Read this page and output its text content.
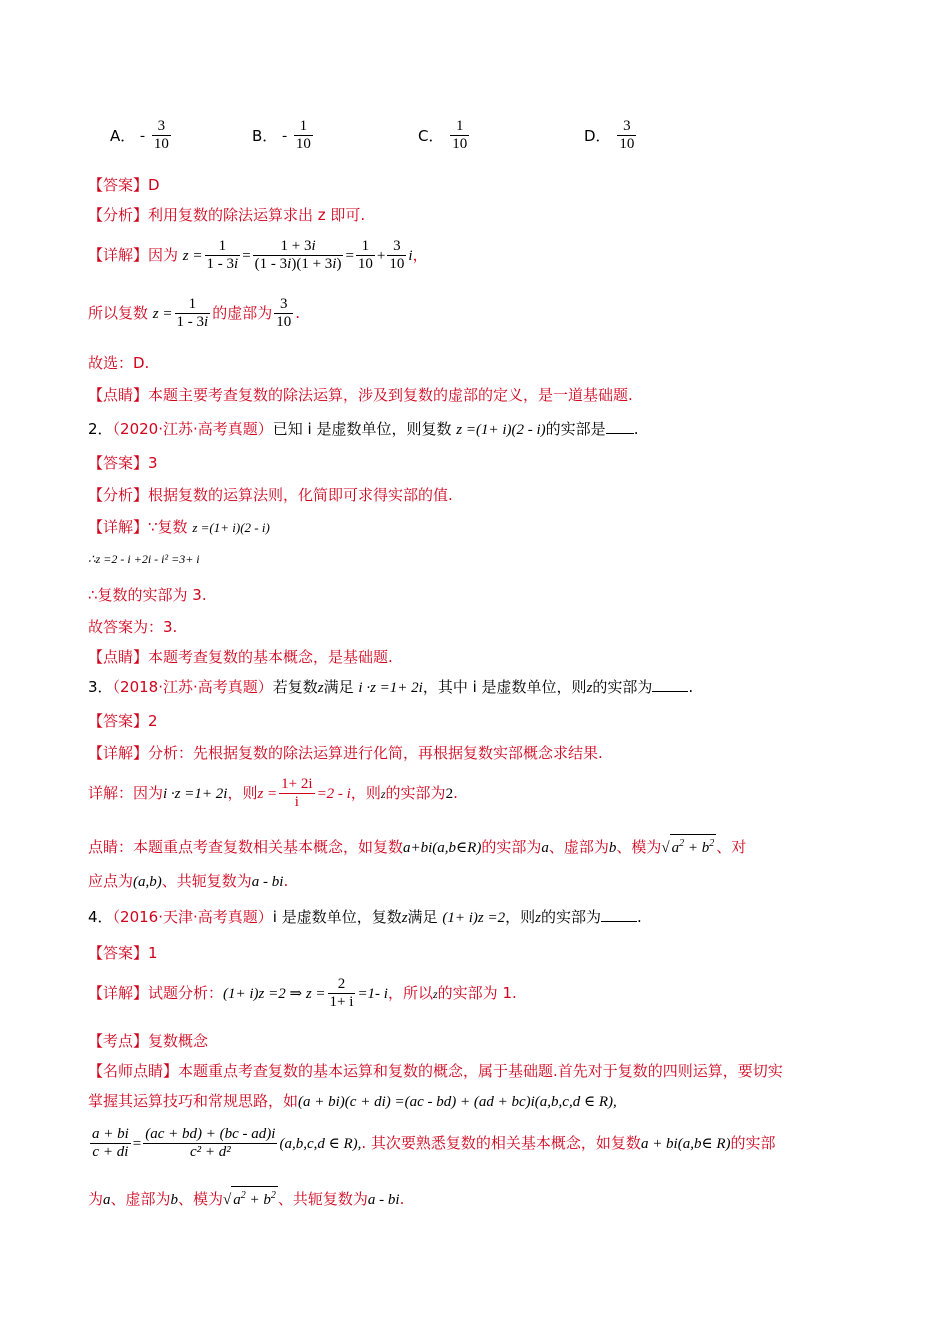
A． - $\frac{3}{10}$	B． - $\frac{1}{10}$	C． $\frac{1}{10}$	D． $\frac{3}{10}$
【答案】D
【分析】利用复数的除法运算求出 z 即可.
【详解】因为 $z = \frac{1}{1 - 3i} = \frac{1 + 3i}{(1 - 3i)(1 + 3i)} = \frac{1}{10} + \frac{3}{10}$ i，
所以复数 $z = \frac{1}{1 - 3i}$ 的虚部为 $\frac{3}{10}$ .
故选：D.
【点睛】本题主要考查复数的除法运算，涉及到复数的虚部的定义，是一道基础题.
2．（2020·江苏·高考真题）已知 i 是虚数单位，则复数 z =(1+ i)(2 - i)的实部是 .
【答案】3
【分析】根据复数的运算法则，化简即可求得实部的值.
【详解】∵复数 z =(1+ i)(2 - i)
∴z =2 - i +2i - i² =3+ i
∴复数的实部为 3.
故答案为：3.
【点睛】本题考查复数的基本概念，是基础题.
3．（2018·江苏·高考真题）若复数z满足 i ·z =1+ 2i，其中 i 是虚数单位，则z的实部为 .
【答案】2
【详解】分析：先根据复数的除法运算进行化简，再根据复数实部概念求结果.
详解：因为i ·z =1+ 2i，则$z = \frac{1+ 2i}{i} =2 - i$，则z的实部为2.
点睛：本题重点考查复数相关基本概念，如复数a+bi(a,b∈R)的实部为a、虚部为b、模为√ $a^2 + b^2$ 、对
应点为(a,b)、共轭复数为a - bi.
4．（2016·天津·高考真题）i 是虚数单位，复数z满足 (1+ i)z =2，则z的实部为 .
【答案】1
【详解】试题分析：(1+ i)z =2 ⇒ $z = \frac{2}{1+ i} =1-$ i，所以z的实部为 1.
【考点】复数概念
【名师点睛】本题重点考查复数的基本运算和复数的概念，属于基础题.首先对于复数的四则运算，要切实
掌握其运算技巧和常规思路，如(a + bi)(c + di) =(ac - bd) + (ad + bc)i(a,b,c,d ∈ R),
$\frac{a + bi}{c + di} = \frac{(ac + bd) + (bc - ad)i}{\text{c² + d²}} (a,b,c,d$ ∈ R),. 其次要熟悉复数的相关基本概念，如复数a + bi(a,b∈ R)的实部
为a、虚部为b、模为√ $a^2 + b^2$ 、共轭复数为a - bi.
